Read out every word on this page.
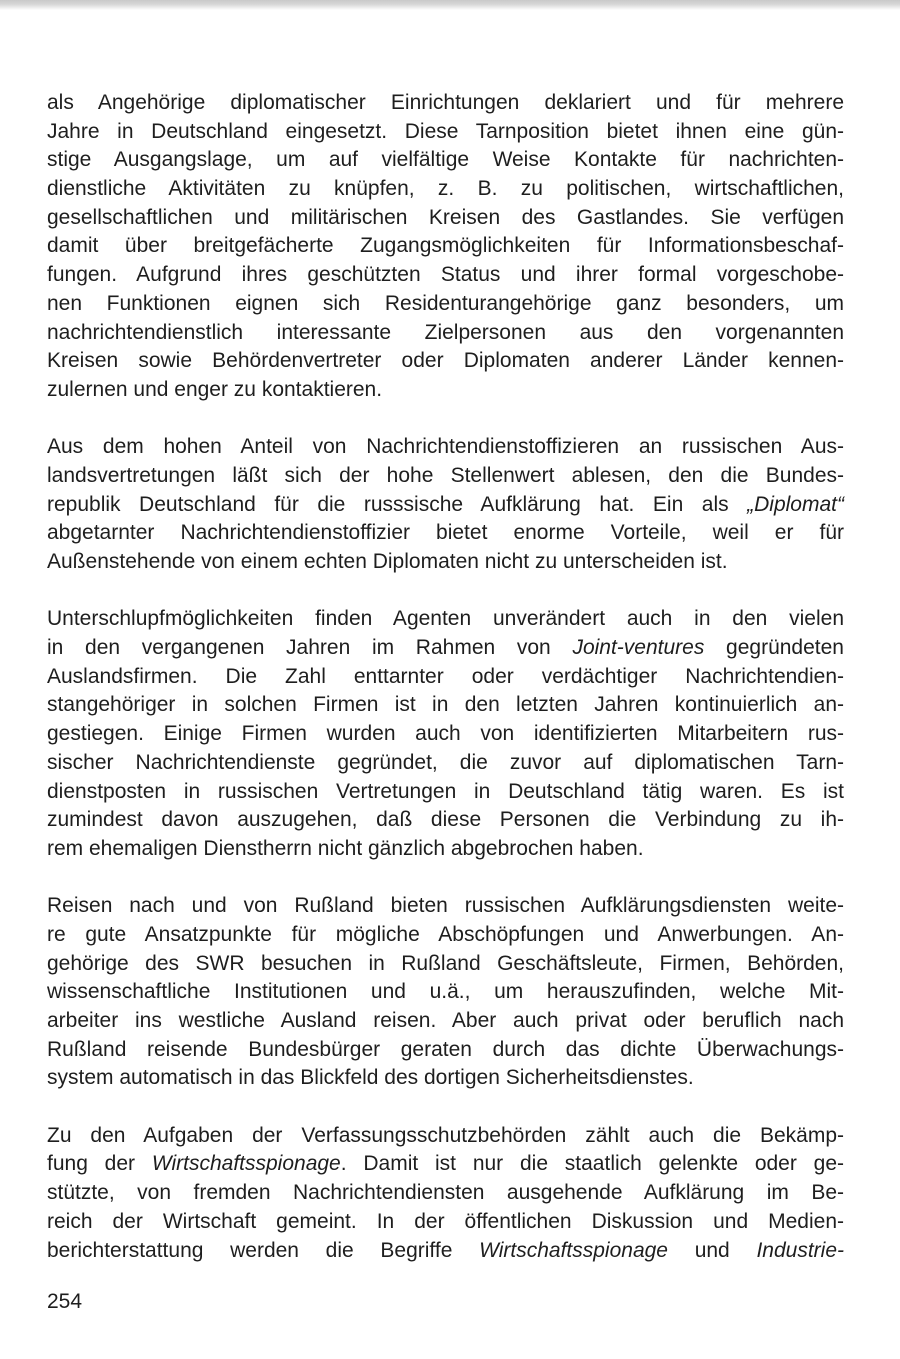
als Angehörige diplomatischer Einrichtungen deklariert und für mehrere
Jahre in Deutschland eingesetzt. Diese Tarnposition bietet ihnen eine gün-
stige Ausgangslage, um auf vielfältige Weise Kontakte für nachrichten-
dienstliche Aktivitäten zu knüpfen, z. B. zu politischen, wirtschaftlichen,
gesellschaftlichen und militärischen Kreisen des Gastlandes. Sie verfügen
damit über breitgefächerte Zugangsmöglichkeiten für Informationsbeschaf-
fungen. Aufgrund ihres geschützten Status und ihrer formal vorgeschobe-
nen Funktionen eignen sich Residenturangehörige ganz besonders, um
nachrichtendienstlich interessante Zielpersonen aus den vorgenannten
Kreisen sowie Behördenvertreter oder Diplomaten anderer Länder kennen-
zulernen und enger zu kontaktieren.
Aus dem hohen Anteil von Nachrichtendienstoffizieren an russischen Aus-
landsvertretungen läßt sich der hohe Stellenwert ablesen, den die Bundes-
republik Deutschland für die russsische Aufklärung hat. Ein als „Diplomat“
abgetarnter Nachrichtendienstoffizier bietet enorme Vorteile, weil er für
Außenstehende von einem echten Diplomaten nicht zu unterscheiden ist.
Unterschlupfmöglichkeiten finden Agenten unverändert auch in den vielen
in den vergangenen Jahren im Rahmen von Joint-ventures gegründeten
Auslandsfirmen. Die Zahl enttarnter oder verdächtiger Nachrichtendien-
stangehöriger in solchen Firmen ist in den letzten Jahren kontinuierlich an-
gestiegen. Einige Firmen wurden auch von identifizierten Mitarbeitern rus-
sischer Nachrichtendienste gegründet, die zuvor auf diplomatischen Tarn-
dienstposten in russischen Vertretungen in Deutschland tätig waren. Es ist
zumindest davon auszugehen, daß diese Personen die Verbindung zu ih-
rem ehemaligen Dienstherrn nicht gänzlich abgebrochen haben.
Reisen nach und von Rußland bieten russischen Aufklärungsdiensten weite-
re gute Ansatzpunkte für mögliche Abschöpfungen und Anwerbungen. An-
gehörige des SWR besuchen in Rußland Geschäftsleute, Firmen, Behörden,
wissenschaftliche Institutionen und u.ä., um herauszufinden, welche Mit-
arbeiter ins westliche Ausland reisen. Aber auch privat oder beruflich nach
Rußland reisende Bundesbürger geraten durch das dichte Überwachungs-
system automatisch in das Blickfeld des dortigen Sicherheitsdienstes.
Zu den Aufgaben der Verfassungsschutzbehörden zählt auch die Bekämp-
fung der Wirtschaftsspionage. Damit ist nur die staatlich gelenkte oder ge-
stützte, von fremden Nachrichtendiensten ausgehende Aufklärung im Be-
reich der Wirtschaft gemeint. In der öffentlichen Diskussion und Medien-
berichterstattung werden die Begriffe Wirtschaftsspionage und Industrie-
254
